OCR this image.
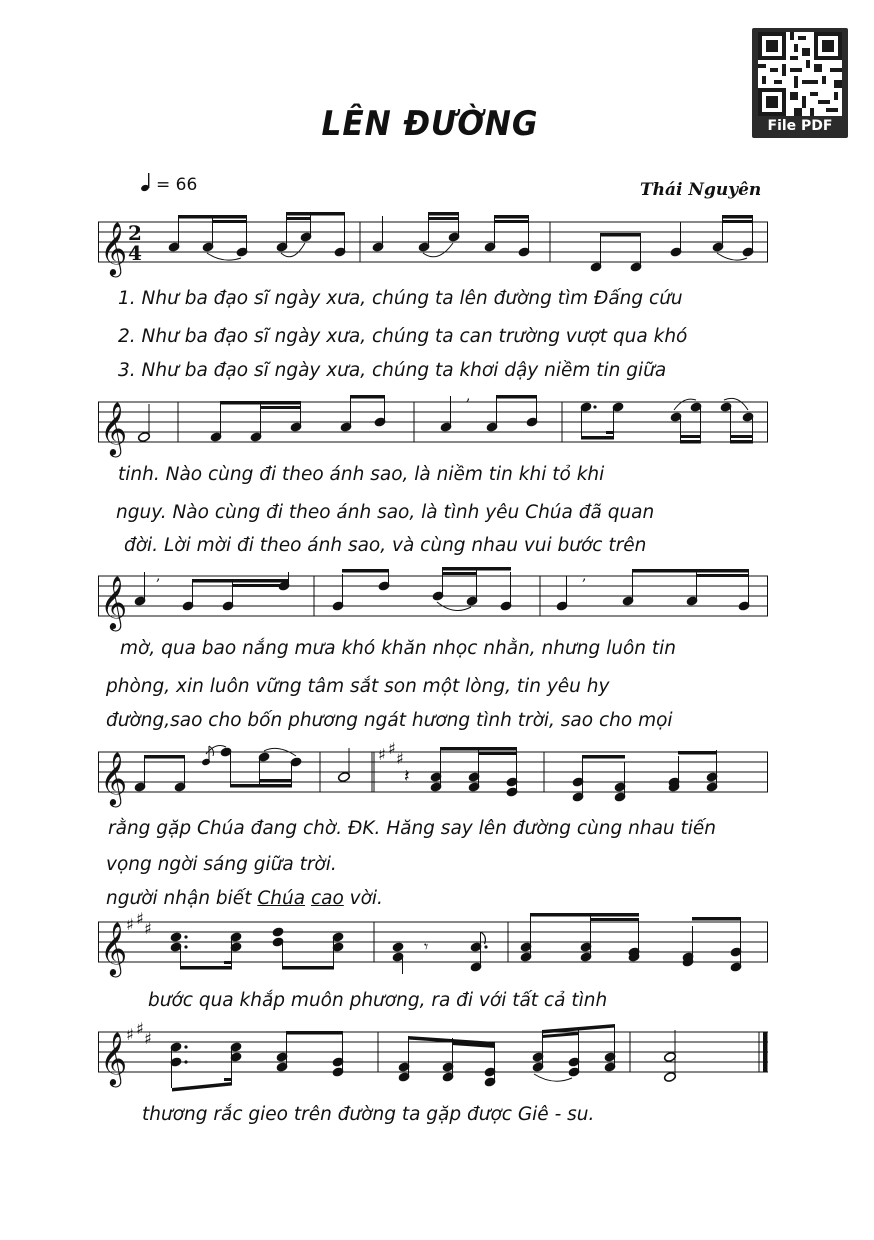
File PDF
LÊN ĐƯỜNG
= 66	Thái Nguyên
𝄞 2
4
1. Như ba đạo sĩ ngày xưa, chúng ta lên đường tìm Đấng cứu
2. Như ba đạo sĩ ngày xưa, chúng ta can trường vượt qua khó
3. Như ba đạo sĩ ngày xưa, chúng ta khơi dậy niềm tin giữa
𝄞
,
tinh. Nào cùng đi theo ánh sao, là niềm tin khi tỏ khi
nguy. Nào cùng đi theo ánh sao, là tình yêu Chúa đã quan
đời. Lời mời đi theo ánh sao, và cùng nhau vui bước trên
𝄞 ,	,
mờ, qua bao nắng mưa khó khăn nhọc nhằn, nhưng luôn tin
phòng, xin luôn vững tâm sắt son một lòng, tin yêu hy
đường,sao cho bốn phương ngát hương tình trời, sao cho mọi
𝄞	♯ ♯
♯
𝄽
rằng gặp Chúa đang chờ. ĐK. Hăng say lên đường cùng nhau tiến
vọng ngời sáng giữa trời.
người nhận biết Chúa cao vời.
𝄞
♯ ♯
♯
𝄾
bước qua khắp muôn phương, ra đi với tất cả tình
𝄞
♯ ♯
♯
thương rắc gieo trên đường ta gặp được Giê - su.
